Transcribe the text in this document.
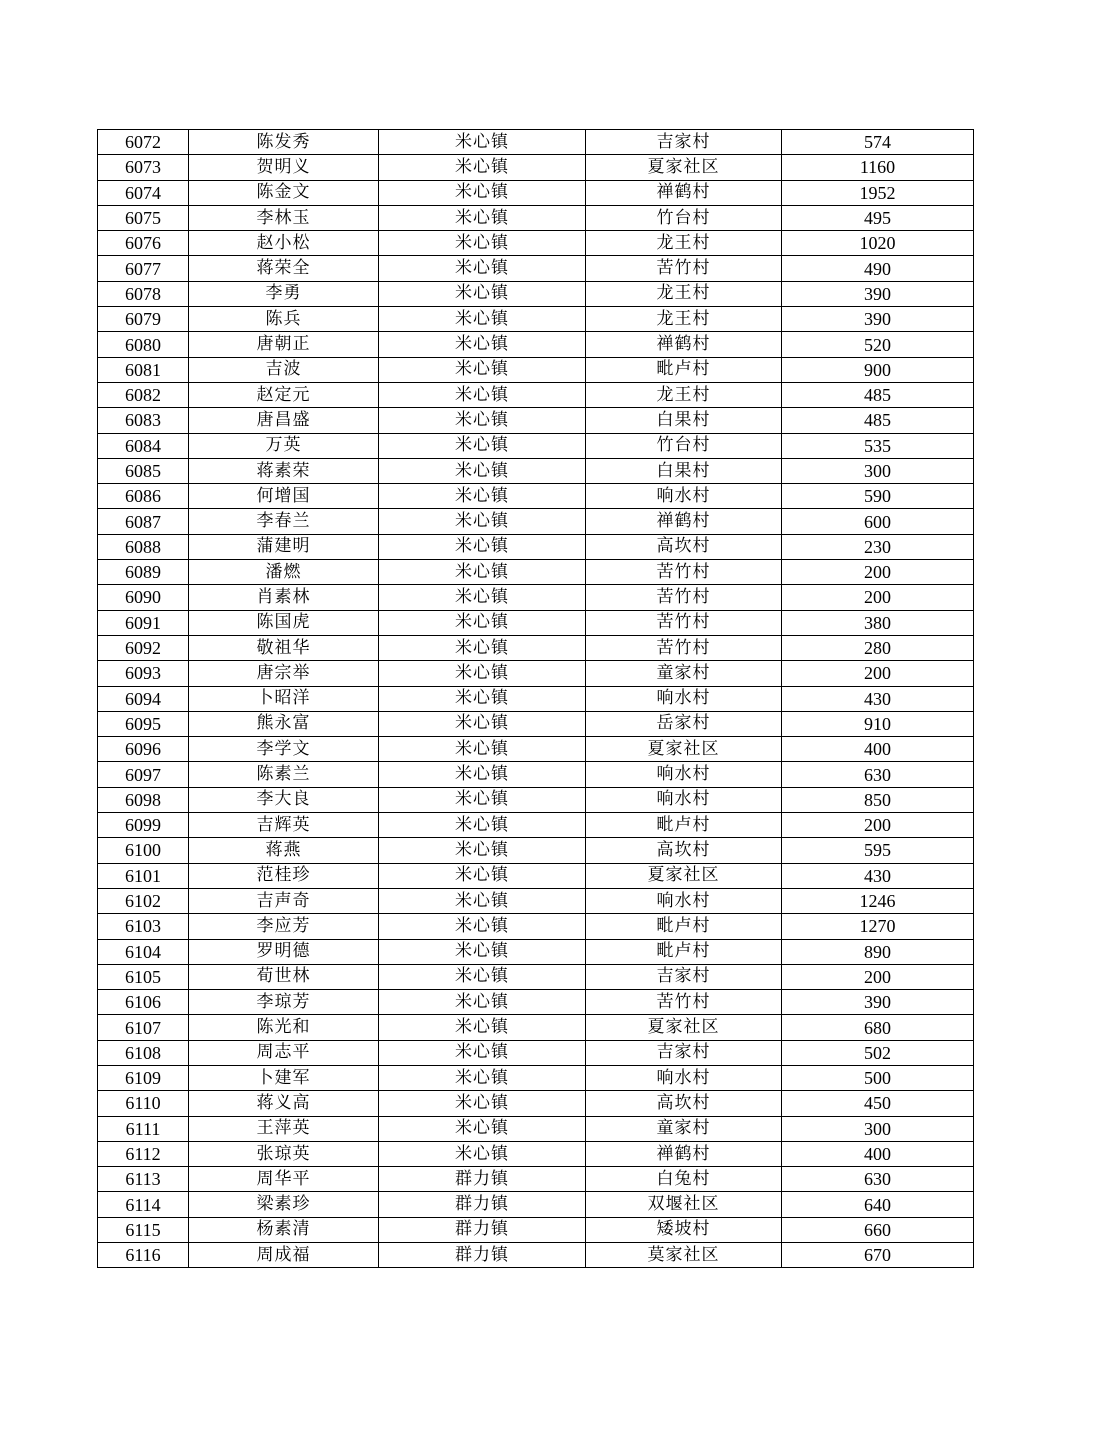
6072	陈发秀	米心镇	吉家村	574
6073	贺明义	米心镇	夏家社区	1160
6074	陈金文	米心镇	禅鹤村	1952
6075	李林玉	米心镇	竹台村	495
6076	赵小松	米心镇	龙王村	1020
6077	蒋荣全	米心镇	苦竹村	490
6078	李勇	米心镇	龙王村	390
6079	陈兵	米心镇	龙王村	390
6080	唐朝正	米心镇	禅鹤村	520
6081	吉波	米心镇	毗卢村	900
6082	赵定元	米心镇	龙王村	485
6083	唐昌盛	米心镇	白果村	485
6084	万英	米心镇	竹台村	535
6085	蒋素荣	米心镇	白果村	300
6086	何增国	米心镇	响水村	590
6087	李春兰	米心镇	禅鹤村	600
6088	蒲建明	米心镇	高坎村	230
6089	潘燃	米心镇	苦竹村	200
6090	肖素林	米心镇	苦竹村	200
6091	陈国虎	米心镇	苦竹村	380
6092	敬祖华	米心镇	苦竹村	280
6093	唐宗举	米心镇	童家村	200
6094	卜昭洋	米心镇	响水村	430
6095	熊永富	米心镇	岳家村	910
6096	李学文	米心镇	夏家社区	400
6097	陈素兰	米心镇	响水村	630
6098	李大良	米心镇	响水村	850
6099	吉辉英	米心镇	毗卢村	200
6100	蒋燕	米心镇	高坎村	595
6101	范桂珍	米心镇	夏家社区	430
6102	吉声奇	米心镇	响水村	1246
6103	李应芳	米心镇	毗卢村	1270
6104	罗明德	米心镇	毗卢村	890
6105	荀世林	米心镇	吉家村	200
6106	李琼芳	米心镇	苦竹村	390
6107	陈光和	米心镇	夏家社区	680
6108	周志平	米心镇	吉家村	502
6109	卜建军	米心镇	响水村	500
6110	蒋义高	米心镇	高坎村	450
6111	王萍英	米心镇	童家村	300
6112	张琼英	米心镇	禅鹤村	400
6113	周华平	群力镇	白兔村	630
6114	梁素珍	群力镇	双堰社区	640
6115	杨素清	群力镇	矮坡村	660
6116	周成福	群力镇	莫家社区	670
